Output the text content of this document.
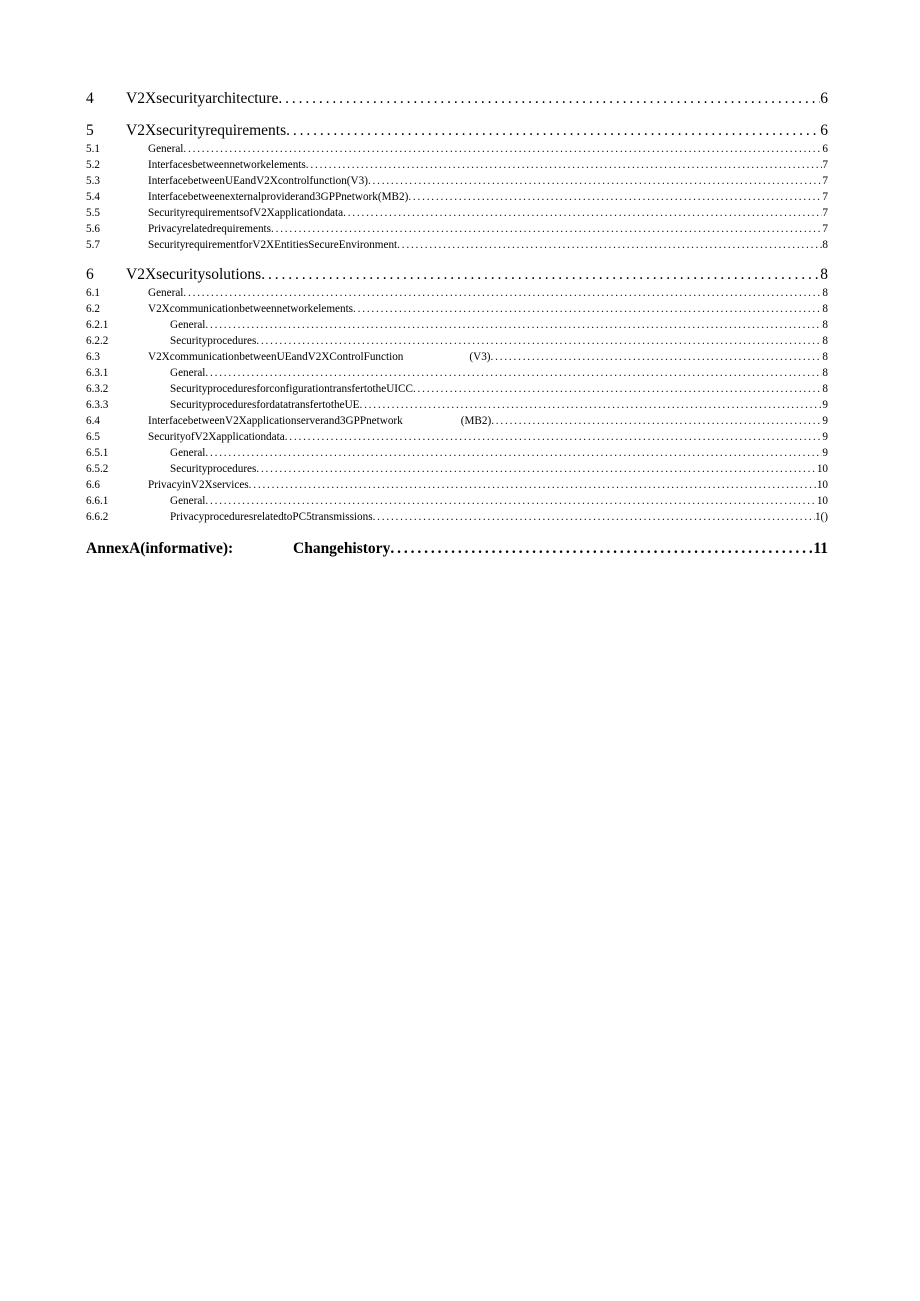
4	V2Xsecurityarchitecture . . .	6
5	V2Xsecurityrequirements . . .	6
5.1	General . . .	6
5.2	Interfacesbetweennetworkelements . . .	7
5.3	InterfacebetweenUEandV2Xcontrolfunction(V3) . . .	7
5.4	Interfacebetweenexternalproviderand3GPPnetwork(MB2) . . .	7
5.5	SecurityrequirementsofV2Xapplicationdata . . .	7
5.6	Privacyrelatedrequirements . . .	7
5.7	SecurityrequirementforV2XEntitiesSecureEnvironment . . .	8
6	V2Xsecuritysolutions . . .	8
6.1	General . . .	8
6.2	V2Xcommunicationbetweennetworkelements . . .	8
6.2.1	General . . .	8
6.2.2	Securityprocedures . . .	8
6.3	V2XcommunicationbetweenUEandV2XControlFunction	(V3) . . .	8
6.3.1	General . . .	8
6.3.2	SecurityproceduresforconfigurationtransfertotheUICC . . .	8
6.3.3	SecurityproceduresfordatatransfertotheUE . . .	9
6.4	InterfacebetweenV2Xapplicationserverand3GPPnetwork	(MB2) . . .	9
6.5	SecurityofV2Xapplicationdata . . .	9
6.5.1	General . . .	9
6.5.2	Securityprocedures . . .	10
6.6	PrivacyinV2Xservices . . .	10
6.6.1	General . . .	10
6.6.2	PrivacyproceduresrelatedtoPC5transmissions . . .	1()
AnnexA(informative):	Changehistory . . .	11
